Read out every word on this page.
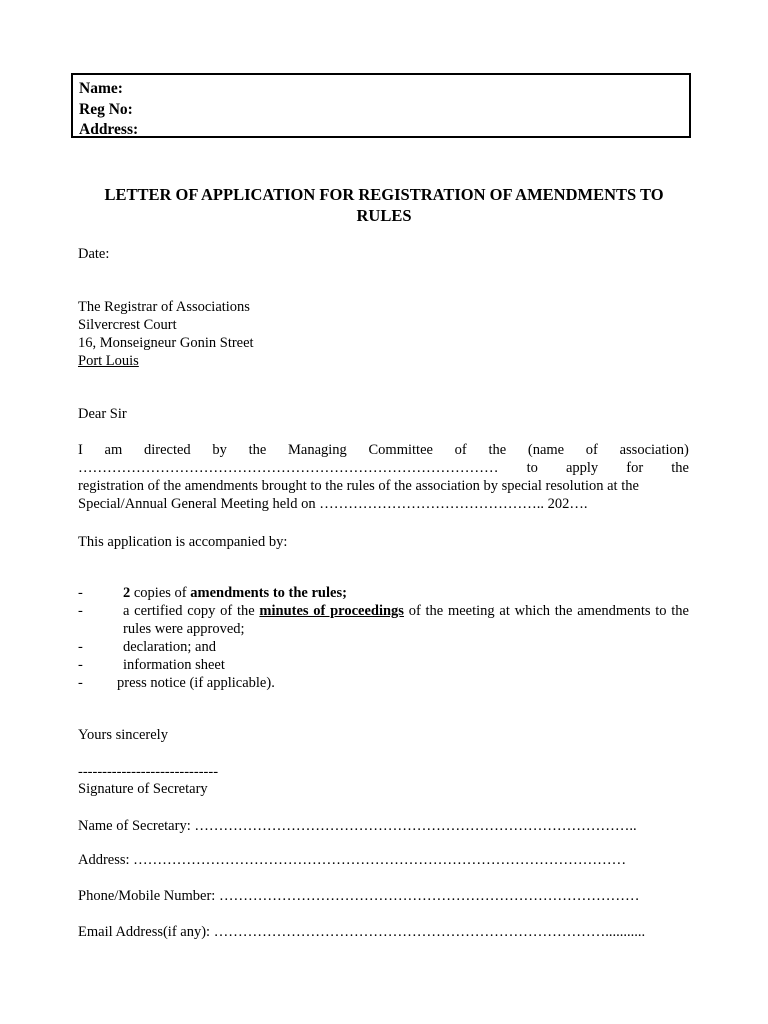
Name:
Reg No:
Address:
LETTER OF APPLICATION FOR REGISTRATION OF AMENDMENTS TO
RULES
Date:
The Registrar of Associations
Silvercrest Court
16, Monseigneur Gonin Street
Port Louis
Dear Sir
I am directed by the Managing Committee of the (name of association)
…………………………………………………………………………… to apply for the
registration of the amendments brought to the rules of the association by special resolution at the
Special/Annual General Meeting held on ……………………………………….. 202….
This application is accompanied by:
-	2 copies of amendments to the rules;
-	a certified copy of the minutes of proceedings of the meeting at which the amendments to the rules were approved;
-	declaration; and
-	information sheet
- press notice (if applicable).
Yours sincerely
-----------------------------
Signature of Secretary
Name of Secretary: ………………………………………………………………………………..
Address: …………………………………………………………………………………………
Phone/Mobile Number: ……………………………………………………………………………
Email Address(if any): ………………………………………………………………………...........
